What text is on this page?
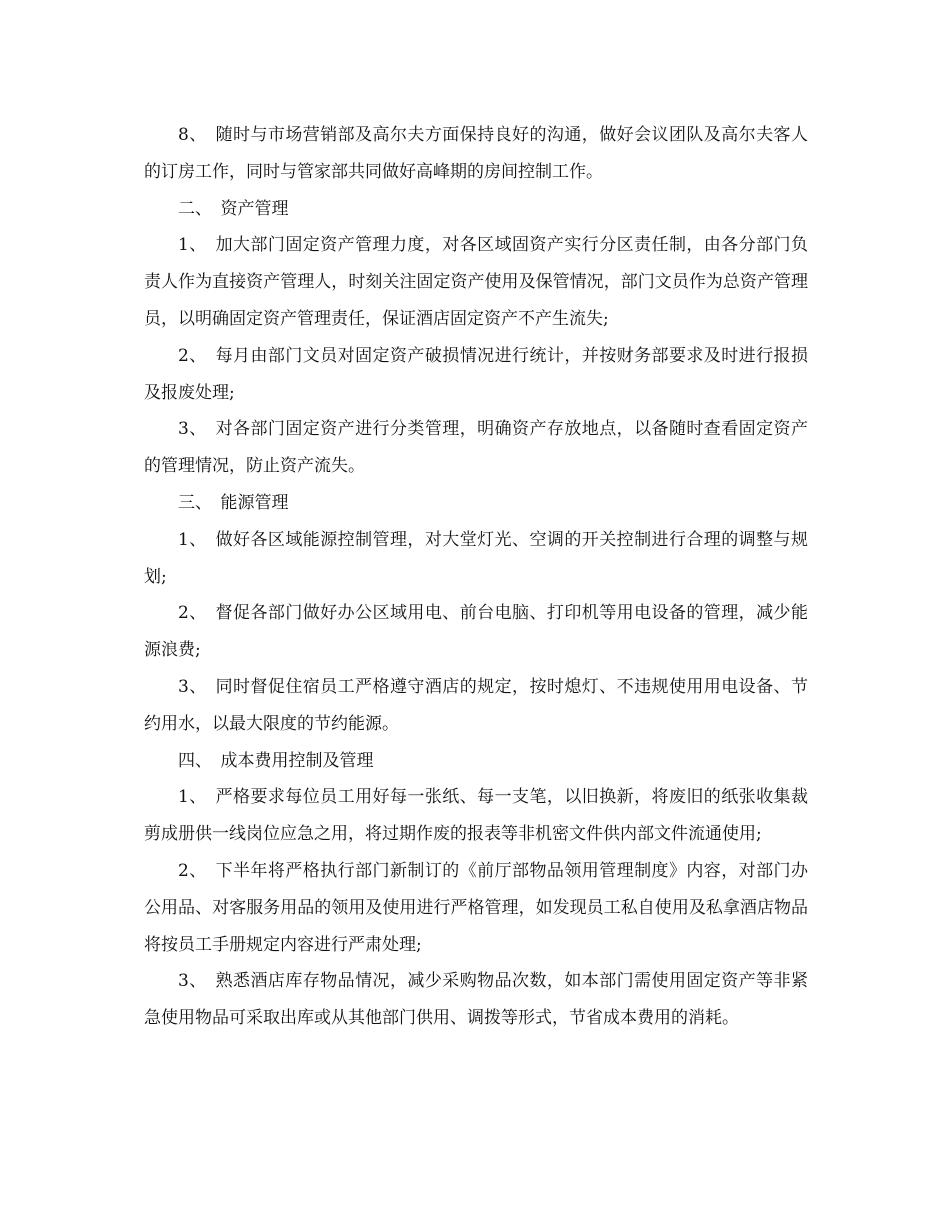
8、　随时与市场营销部及高尔夫方面保持良好的沟通，做好会议团队及高尔夫客人的订房工作，同时与管家部共同做好高峰期的房间控制工作。

二、　资产管理

1、　加大部门固定资产管理力度，对各区域固资产实行分区责任制，由各分部门负责人作为直接资产管理人，时刻关注固定资产使用及保管情况，部门文员作为总资产管理员，以明确固定资产管理责任，保证酒店固定资产不产生流失;

2、　每月由部门文员对固定资产破损情况进行统计，并按财务部要求及时进行报损及报废处理;

3、　对各部门固定资产进行分类管理，明确资产存放地点，以备随时查看固定资产的管理情况，防止资产流失。

三、　能源管理

1、　做好各区域能源控制管理，对大堂灯光、空调的开关控制进行合理的调整与规划;

2、　督促各部门做好办公区域用电、前台电脑、打印机等用电设备的管理，减少能源浪费;

3、　同时督促住宿员工严格遵守酒店的规定，按时熄灯、不违规使用用电设备、节约用水，以最大限度的节约能源。

四、　成本费用控制及管理

1、　严格要求每位员工用好每一张纸、每一支笔，以旧换新，将废旧的纸张收集裁剪成册供一线岗位应急之用，将过期作废的报表等非机密文件供内部文件流通使用;

2、　下半年将严格执行部门新制订的《前厅部物品领用管理制度》内容，对部门办公用品、对客服务用品的领用及使用进行严格管理，如发现员工私自使用及私拿酒店物品将按员工手册规定内容进行严肃处理;

3、　熟悉酒店库存物品情况，减少采购物品次数，如本部门需使用固定资产等非紧急使用物品可采取出库或从其他部门供用、调拨等形式，节省成本费用的消耗。
